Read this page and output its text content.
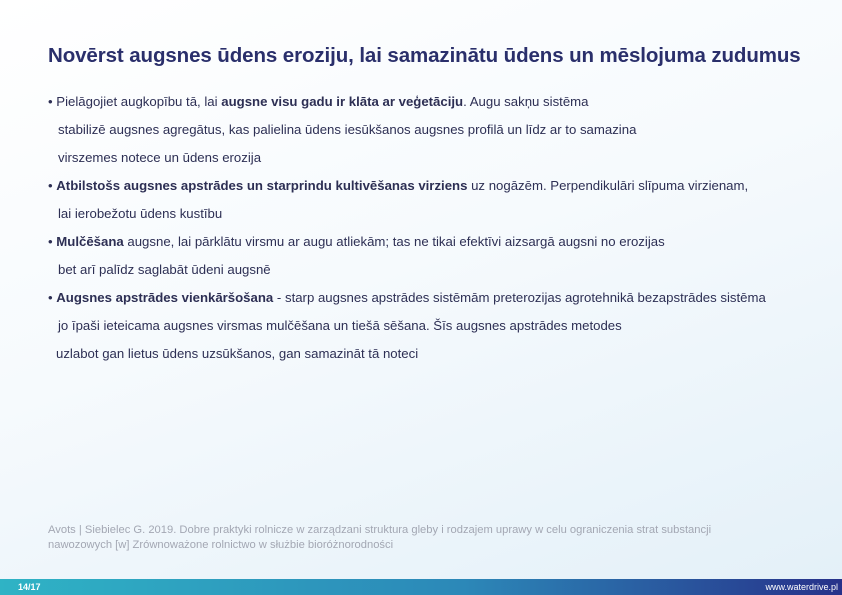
Novērst augsnes ūdens eroziju, lai samazinātu ūdens un mēslojuma zudumus
• Pielāgojiet augkopību tā, lai augsne visu gadu ir klāta ar veģetāciju. Augu sakņu sistēma
stabilizē augsnes agregātus, kas palielina ūdens iesūkšanos augsnes profilā un līdz ar to samazina
virszemes notece un ūdens erozija
• Atbilstošs augsnes apstrādes un starprindu kultivēšanas virziens uz nogāzēm. Perpendikulāri slīpuma virzienam,
lai ierobežotu ūdens kustību
• Mulčēšana augsne, lai pārklātu virsmu ar augu atliekām; tas ne tikai efektīvi aizsargā augsni no erozijas
bet arī palīdz saglabāt ūdeni augsnē
• Augsnes apstrādes vienkāršošana - starp augsnes apstrādes sistēmām preterozijas agrotehnikā bezapstrādes sistēma
jo īpaši ieteicama augsnes virsmas mulčēšana un tiešā sēšana. Šīs augsnes apstrādes metodes
uzlabot gan lietus ūdens uzsūkšanos, gan samazināt tā noteci
Avots | Siebielec G. 2019. Dobre praktyki rolnicze w zarządzani struktura gleby i rodzajem uprawy w celu ograniczenia strat substancji
nawozowych [w] Zrównoważone rolnictwo w służbie bioróżnorodności
14/17	www.waterdrive.pl
